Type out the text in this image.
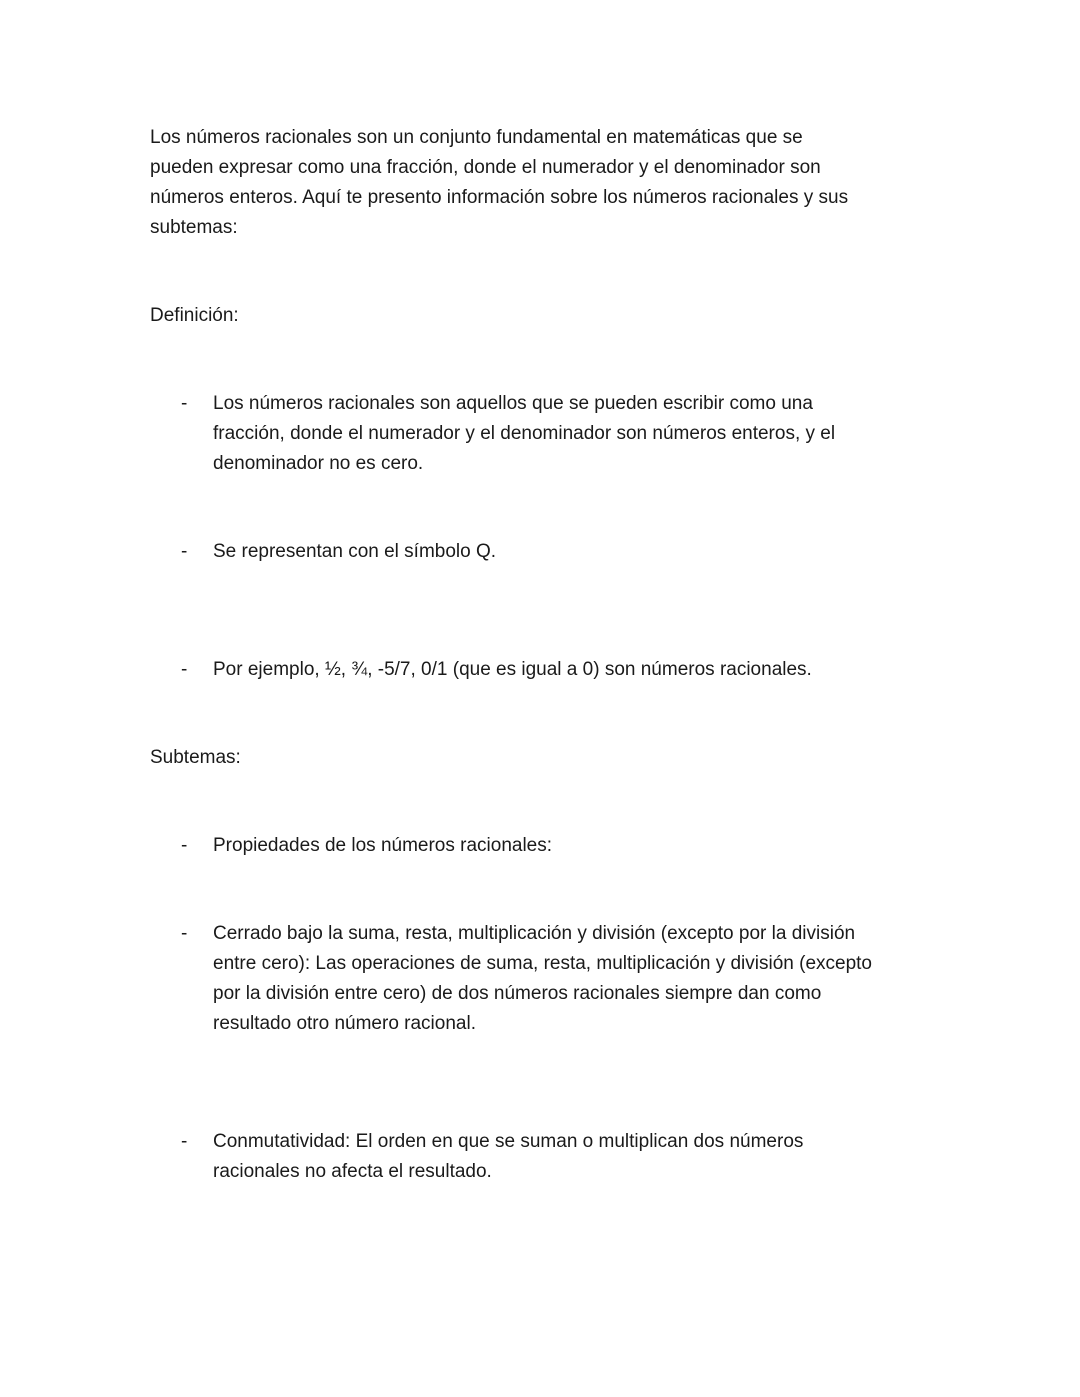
Los números racionales son un conjunto fundamental en matemáticas que se
pueden expresar como una fracción, donde el numerador y el denominador son
números enteros. Aquí te presento información sobre los números racionales y sus
subtemas:
Definición:
- Los números racionales son aquellos que se pueden escribir como una
fracción, donde el numerador y el denominador son números enteros, y el
denominador no es cero.
- Se representan con el símbolo Q.
- Por ejemplo, ½, ¾, -5/7, 0/1 (que es igual a 0) son números racionales.
Subtemas:
- Propiedades de los números racionales:
- Cerrado bajo la suma, resta, multiplicación y división (excepto por la división
entre cero): Las operaciones de suma, resta, multiplicación y división (excepto
por la división entre cero) de dos números racionales siempre dan como
resultado otro número racional.
- Conmutatividad: El orden en que se suman o multiplican dos números
racionales no afecta el resultado.
